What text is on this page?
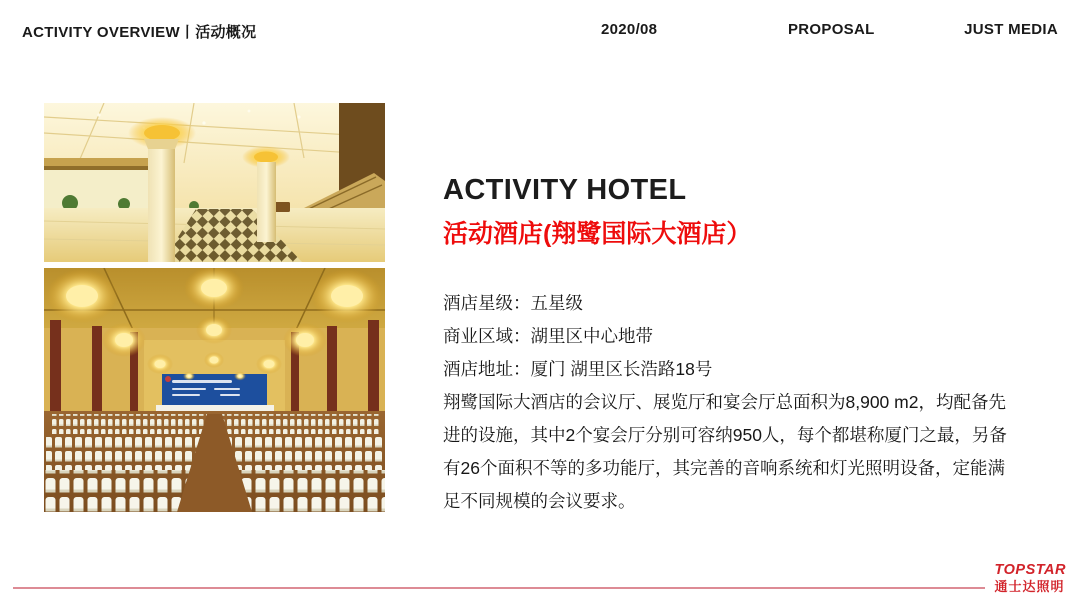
ACTIVITY OVERVIEW丨活动概况	2020/08	PROPOSAL	JUST MEDIA
ACTIVITY HOTEL
活动酒店(翔鹭国际大酒店）
酒店星级：五星级
商业区域：湖里区中心地带
酒店地址：厦门 湖里区长浩路18号
翔鹭国际大酒店的会议厅、展览厅和宴会厅总面积为8,900 m2，均配备先进的设施，其中2个宴会厅分别可容纳950人，每个都堪称厦门之最，另备有26个面积不等的多功能厅，其完善的音响系统和灯光照明设备，定能满足不同规模的会议要求。
TOPSTAR
通士达照明
